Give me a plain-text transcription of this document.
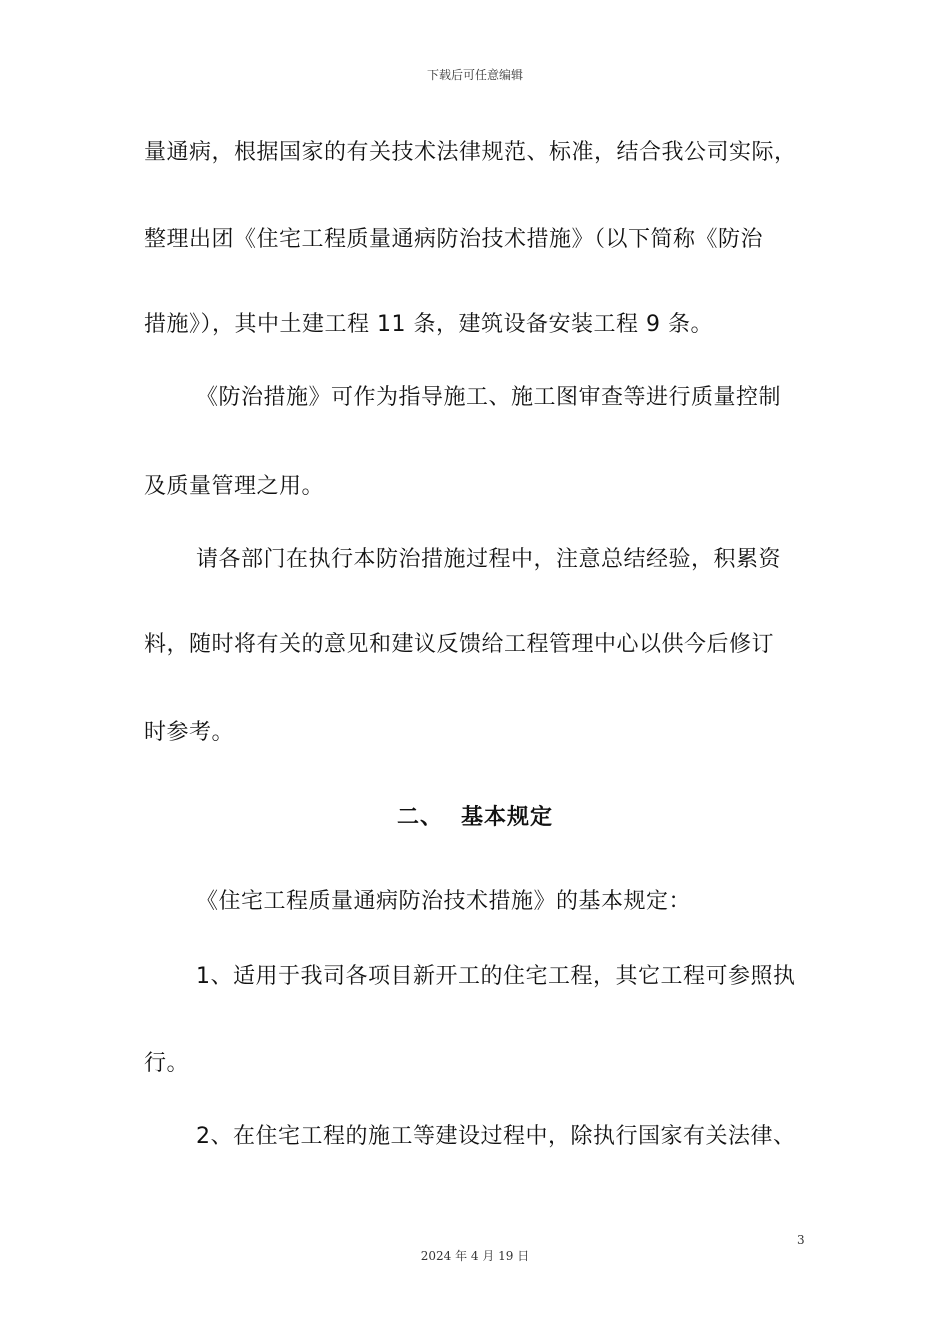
下载后可任意编辑
量通病，根据国家的有关技术法律规范、标准，结合我公司实际，
整理出团《住宅工程质量通病防治技术措施》（以下简称《防治
措施》），其中土建工程 11 条，建筑设备安装工程 9 条。
《防治措施》可作为指导施工、施工图审查等进行质量控制
及质量管理之用。
请各部门在执行本防治措施过程中，注意总结经验，积累资
料，随时将有关的意见和建议反馈给工程管理中心以供今后修订
时参考。
二、 基本规定
《住宅工程质量通病防治技术措施》的基本规定：
1、适用于我司各项目新开工的住宅工程，其它工程可参照执
行。
2、在住宅工程的施工等建设过程中，除执行国家有关法律、
3
2024 年 4 月 19 日
